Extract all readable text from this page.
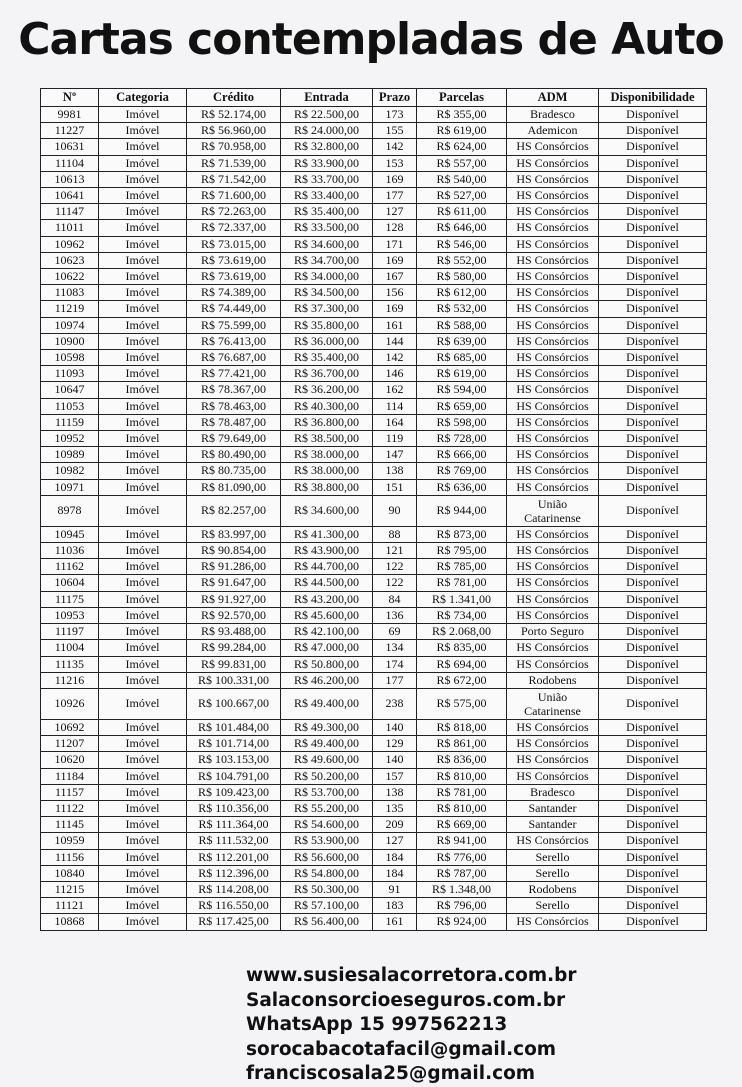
Cartas contempladas de Auto
Nº	Categoria	Crédito	Entrada	Prazo	Parcelas	ADM	Disponibilidade
9981	Imóvel	R$ 52.174,00	R$ 22.500,00	173	R$ 355,00	Bradesco	Disponível
11227	Imóvel	R$ 56.960,00	R$ 24.000,00	155	R$ 619,00	Ademicon	Disponível
10631	Imóvel	R$ 70.958,00	R$ 32.800,00	142	R$ 624,00	HS Consórcios	Disponível
11104	Imóvel	R$ 71.539,00	R$ 33.900,00	153	R$ 557,00	HS Consórcios	Disponível
10613	Imóvel	R$ 71.542,00	R$ 33.700,00	169	R$ 540,00	HS Consórcios	Disponível
10641	Imóvel	R$ 71.600,00	R$ 33.400,00	177	R$ 527,00	HS Consórcios	Disponível
11147	Imóvel	R$ 72.263,00	R$ 35.400,00	127	R$ 611,00	HS Consórcios	Disponível
11011	Imóvel	R$ 72.337,00	R$ 33.500,00	128	R$ 646,00	HS Consórcios	Disponível
10962	Imóvel	R$ 73.015,00	R$ 34.600,00	171	R$ 546,00	HS Consórcios	Disponível
10623	Imóvel	R$ 73.619,00	R$ 34.700,00	169	R$ 552,00	HS Consórcios	Disponível
10622	Imóvel	R$ 73.619,00	R$ 34.000,00	167	R$ 580,00	HS Consórcios	Disponível
11083	Imóvel	R$ 74.389,00	R$ 34.500,00	156	R$ 612,00	HS Consórcios	Disponível
11219	Imóvel	R$ 74.449,00	R$ 37.300,00	169	R$ 532,00	HS Consórcios	Disponível
10974	Imóvel	R$ 75.599,00	R$ 35.800,00	161	R$ 588,00	HS Consórcios	Disponível
10900	Imóvel	R$ 76.413,00	R$ 36.000,00	144	R$ 639,00	HS Consórcios	Disponível
10598	Imóvel	R$ 76.687,00	R$ 35.400,00	142	R$ 685,00	HS Consórcios	Disponível
11093	Imóvel	R$ 77.421,00	R$ 36.700,00	146	R$ 619,00	HS Consórcios	Disponível
10647	Imóvel	R$ 78.367,00	R$ 36.200,00	162	R$ 594,00	HS Consórcios	Disponível
11053	Imóvel	R$ 78.463,00	R$ 40.300,00	114	R$ 659,00	HS Consórcios	Disponível
11159	Imóvel	R$ 78.487,00	R$ 36.800,00	164	R$ 598,00	HS Consórcios	Disponível
10952	Imóvel	R$ 79.649,00	R$ 38.500,00	119	R$ 728,00	HS Consórcios	Disponível
10989	Imóvel	R$ 80.490,00	R$ 38.000,00	147	R$ 666,00	HS Consórcios	Disponível
10982	Imóvel	R$ 80.735,00	R$ 38.000,00	138	R$ 769,00	HS Consórcios	Disponível
10971	Imóvel	R$ 81.090,00	R$ 38.800,00	151	R$ 636,00	HS Consórcios	Disponível
8978	Imóvel	R$ 82.257,00	R$ 34.600,00	90	R$ 944,00	União Catarinense	Disponível
10945	Imóvel	R$ 83.997,00	R$ 41.300,00	88	R$ 873,00	HS Consórcios	Disponível
11036	Imóvel	R$ 90.854,00	R$ 43.900,00	121	R$ 795,00	HS Consórcios	Disponível
11162	Imóvel	R$ 91.286,00	R$ 44.700,00	122	R$ 785,00	HS Consórcios	Disponível
10604	Imóvel	R$ 91.647,00	R$ 44.500,00	122	R$ 781,00	HS Consórcios	Disponível
11175	Imóvel	R$ 91.927,00	R$ 43.200,00	84	R$ 1.341,00	HS Consórcios	Disponível
10953	Imóvel	R$ 92.570,00	R$ 45.600,00	136	R$ 734,00	HS Consórcios	Disponível
11197	Imóvel	R$ 93.488,00	R$ 42.100,00	69	R$ 2.068,00	Porto Seguro	Disponível
11004	Imóvel	R$ 99.284,00	R$ 47.000,00	134	R$ 835,00	HS Consórcios	Disponível
11135	Imóvel	R$ 99.831,00	R$ 50.800,00	174	R$ 694,00	HS Consórcios	Disponível
11216	Imóvel	R$ 100.331,00	R$ 46.200,00	177	R$ 672,00	Rodobens	Disponível
10926	Imóvel	R$ 100.667,00	R$ 49.400,00	238	R$ 575,00	União Catarinense	Disponível
10692	Imóvel	R$ 101.484,00	R$ 49.300,00	140	R$ 818,00	HS Consórcios	Disponível
11207	Imóvel	R$ 101.714,00	R$ 49.400,00	129	R$ 861,00	HS Consórcios	Disponível
10620	Imóvel	R$ 103.153,00	R$ 49.600,00	140	R$ 836,00	HS Consórcios	Disponível
11184	Imóvel	R$ 104.791,00	R$ 50.200,00	157	R$ 810,00	HS Consórcios	Disponível
11157	Imóvel	R$ 109.423,00	R$ 53.700,00	138	R$ 781,00	Bradesco	Disponível
11122	Imóvel	R$ 110.356,00	R$ 55.200,00	135	R$ 810,00	Santander	Disponível
11145	Imóvel	R$ 111.364,00	R$ 54.600,00	209	R$ 669,00	Santander	Disponível
10959	Imóvel	R$ 111.532,00	R$ 53.900,00	127	R$ 941,00	HS Consórcios	Disponível
11156	Imóvel	R$ 112.201,00	R$ 56.600,00	184	R$ 776,00	Serello	Disponível
10840	Imóvel	R$ 112.396,00	R$ 54.800,00	184	R$ 787,00	Serello	Disponível
11215	Imóvel	R$ 114.208,00	R$ 50.300,00	91	R$ 1.348,00	Rodobens	Disponível
11121	Imóvel	R$ 116.550,00	R$ 57.100,00	183	R$ 796,00	Serello	Disponível
10868	Imóvel	R$ 117.425,00	R$ 56.400,00	161	R$ 924,00	HS Consórcios	Disponível
www.susiesalacorretora.com.br
Salaconsorcioeseguros.com.br
WhatsApp 15 997562213
sorocabacotafacil@gmail.com
franciscosala25@gmail.com
